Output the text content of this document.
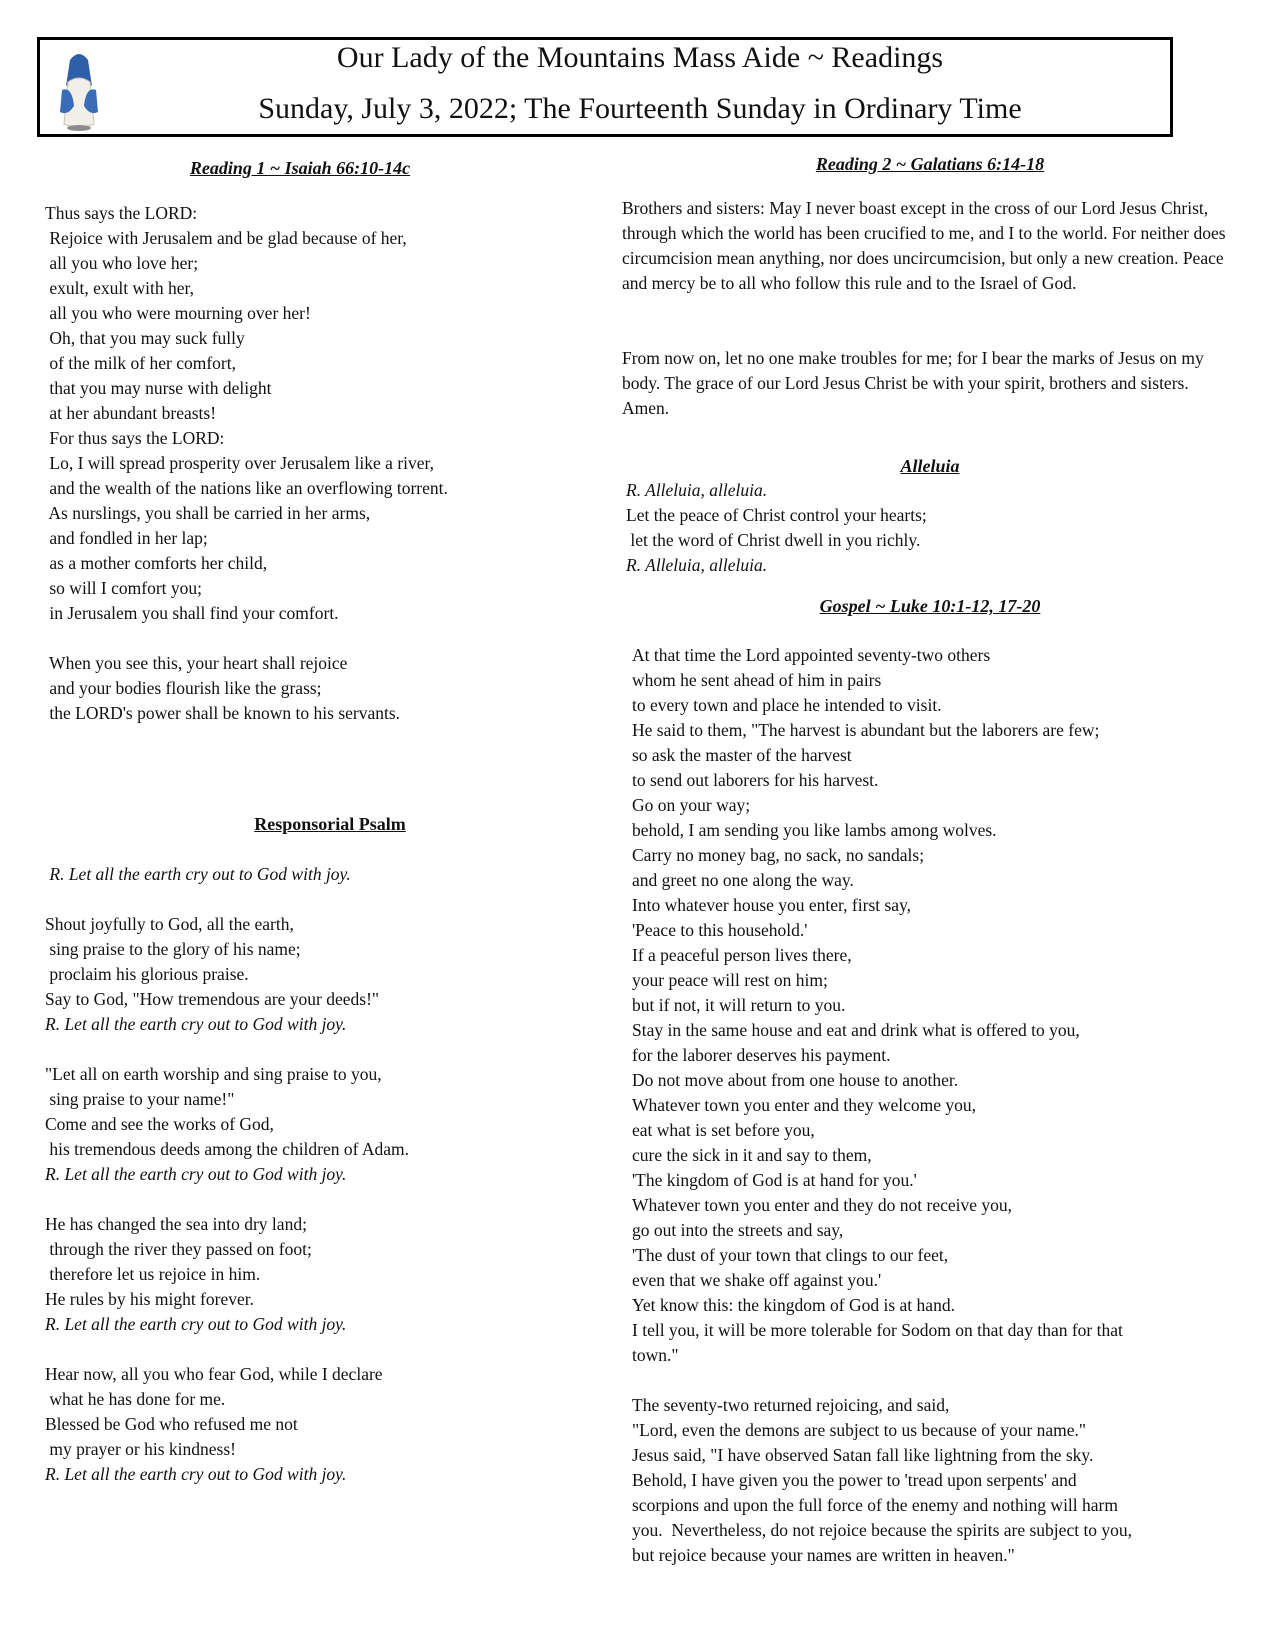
Our Lady of the Mountains Mass Aide ~ Readings
Sunday, July 3, 2022; The Fourteenth Sunday in Ordinary Time
Reading 1 ~ Isaiah 66:10-14c
Thus says the LORD:
Rejoice with Jerusalem and be glad because of her,
all you who love her;
exult, exult with her,
all you who were mourning over her!
Oh, that you may suck fully
of the milk of her comfort,
that you may nurse with delight
at her abundant breasts!
For thus says the LORD:
Lo, I will spread prosperity over Jerusalem like a river,
and the wealth of the nations like an overflowing torrent.
As nurslings, you shall be carried in her arms,
and fondled in her lap;
as a mother comforts her child,
so will I comfort you;
in Jerusalem you shall find your comfort.
When you see this, your heart shall rejoice
and your bodies flourish like the grass;
the LORD's power shall be known to his servants.
Responsorial Psalm
R. Let all the earth cry out to God with joy.
Shout joyfully to God, all the earth,
sing praise to the glory of his name;
proclaim his glorious praise.
Say to God, "How tremendous are your deeds!"
R. Let all the earth cry out to God with joy.
"Let all on earth worship and sing praise to you,
sing praise to your name!"
Come and see the works of God,
his tremendous deeds among the children of Adam.
R. Let all the earth cry out to God with joy.
He has changed the sea into dry land;
through the river they passed on foot;
therefore let us rejoice in him.
He rules by his might forever.
R. Let all the earth cry out to God with joy.
Hear now, all you who fear God, while I declare
what he has done for me.
Blessed be God who refused me not
my prayer or his kindness!
R. Let all the earth cry out to God with joy.
Reading 2 ~ Galatians 6:14-18
Brothers and sisters: May I never boast except in the cross of our Lord Jesus Christ, through which the world has been crucified to me, and I to the world. For neither does circumcision mean anything, nor does uncircumcision, but only a new creation. Peace and mercy be to all who follow this rule and to the Israel of God.
From now on, let no one make troubles for me; for I bear the marks of Jesus on my body. The grace of our Lord Jesus Christ be with your spirit, brothers and sisters. Amen.
Alleluia
R. Alleluia, alleluia.
Let the peace of Christ control your hearts;
let the word of Christ dwell in you richly.
R. Alleluia, alleluia.
Gospel ~ Luke 10:1-12, 17-20
At that time the Lord appointed seventy-two others
whom he sent ahead of him in pairs
to every town and place he intended to visit.
He said to them, "The harvest is abundant but the laborers are few;
so ask the master of the harvest
to send out laborers for his harvest.
Go on your way;
behold, I am sending you like lambs among wolves.
Carry no money bag, no sack, no sandals;
and greet no one along the way.
Into whatever house you enter, first say,
'Peace to this household.'
If a peaceful person lives there,
your peace will rest on him;
but if not, it will return to you.
Stay in the same house and eat and drink what is offered to you,
for the laborer deserves his payment.
Do not move about from one house to another.
Whatever town you enter and they welcome you,
eat what is set before you,
cure the sick in it and say to them,
'The kingdom of God is at hand for you.'
Whatever town you enter and they do not receive you,
go out into the streets and say,
'The dust of your town that clings to our feet,
even that we shake off against you.'
Yet know this: the kingdom of God is at hand.
I tell you, it will be more tolerable for Sodom on that day than for that
town."
The seventy-two returned rejoicing, and said,
"Lord, even the demons are subject to us because of your name."
Jesus said, "I have observed Satan fall like lightning from the sky.
Behold, I have given you the power to 'tread upon serpents' and
scorpions and upon the full force of the enemy and nothing will harm
you.  Nevertheless, do not rejoice because the spirits are subject to you,
but rejoice because your names are written in heaven."
